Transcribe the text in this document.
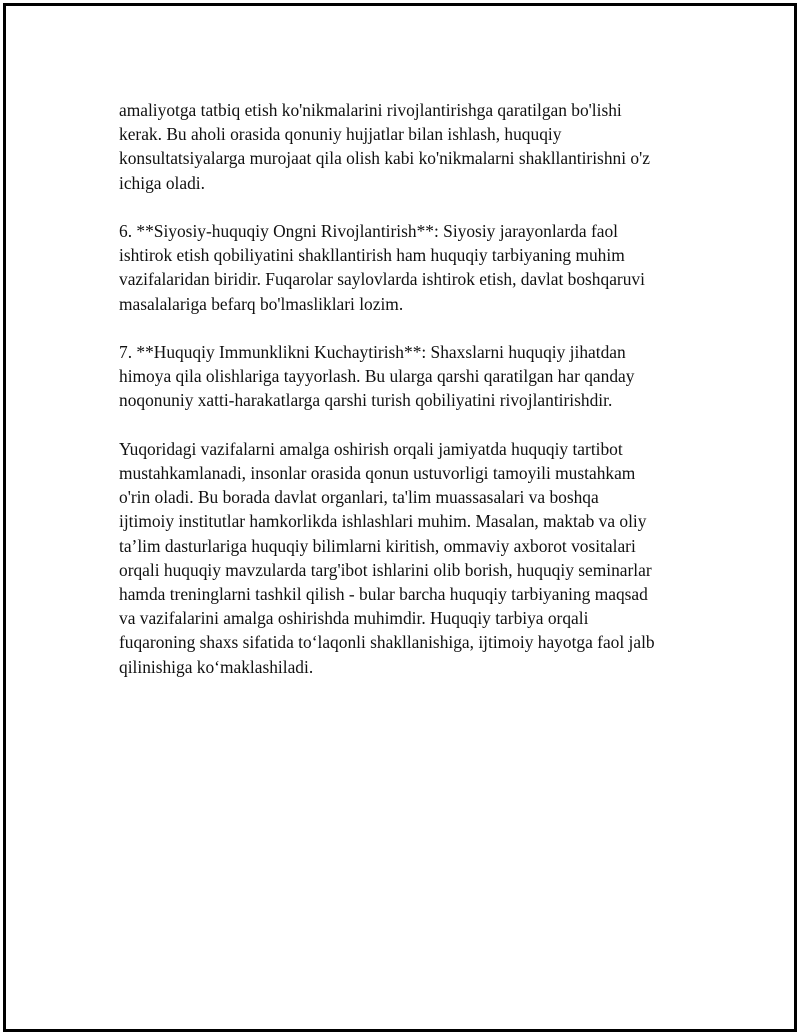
amaliyotga tatbiq etish ko'nikmalarini rivojlantirishga qaratilgan bo'lishi
kerak. Bu aholi orasida qonuniy hujjatlar bilan ishlash, huquqiy
konsultatsiyalarga murojaat qila olish kabi ko'nikmalarni shakllantirishni o'z
ichiga oladi.

6. **Siyosiy-huquqiy Ongni Rivojlantirish**: Siyosiy jarayonlarda faol
ishtirok etish qobiliyatini shakllantirish ham huquqiy tarbiyaning muhim
vazifalaridan biridir. Fuqarolar saylovlarda ishtirok etish, davlat boshqaruvi
masalalariga befarq bo'lmasliklari lozim.

7. **Huquqiy Immunklikni Kuchaytirish**: Shaxslarni huquqiy jihatdan
himoya qila olishlariga tayyorlash. Bu ularga qarshi qaratilgan har qanday
noqonuniy xatti-harakatlarga qarshi turish qobiliyatini rivojlantirishdir.

Yuqoridagi vazifalarni amalga oshirish orqali jamiyatda huquqiy tartibot
mustahkamlanadi, insonlar orasida qonun ustuvorligi tamoyili mustahkam
o'rin oladi. Bu borada davlat organlari, ta'lim muassasalari va boshqa
ijtimoiy institutlar hamkorlikda ishlashlari muhim. Masalan, maktab va oliy
ta’lim dasturlariga huquqiy bilimlarni kiritish, ommaviy axborot vositalari
orqali huquqiy mavzularda targ'ibot ishlarini olib borish, huquqiy seminarlar
hamda treninglarni tashkil qilish - bular barcha huquqiy tarbiyaning maqsad
va vazifalarini amalga oshirishda muhimdir. Huquqiy tarbiya orqali
fuqaroning shaxs sifatida to‘laqonli shakllanishiga, ijtimoiy hayotga faol jalb
qilinishiga ko‘maklashiladi.
